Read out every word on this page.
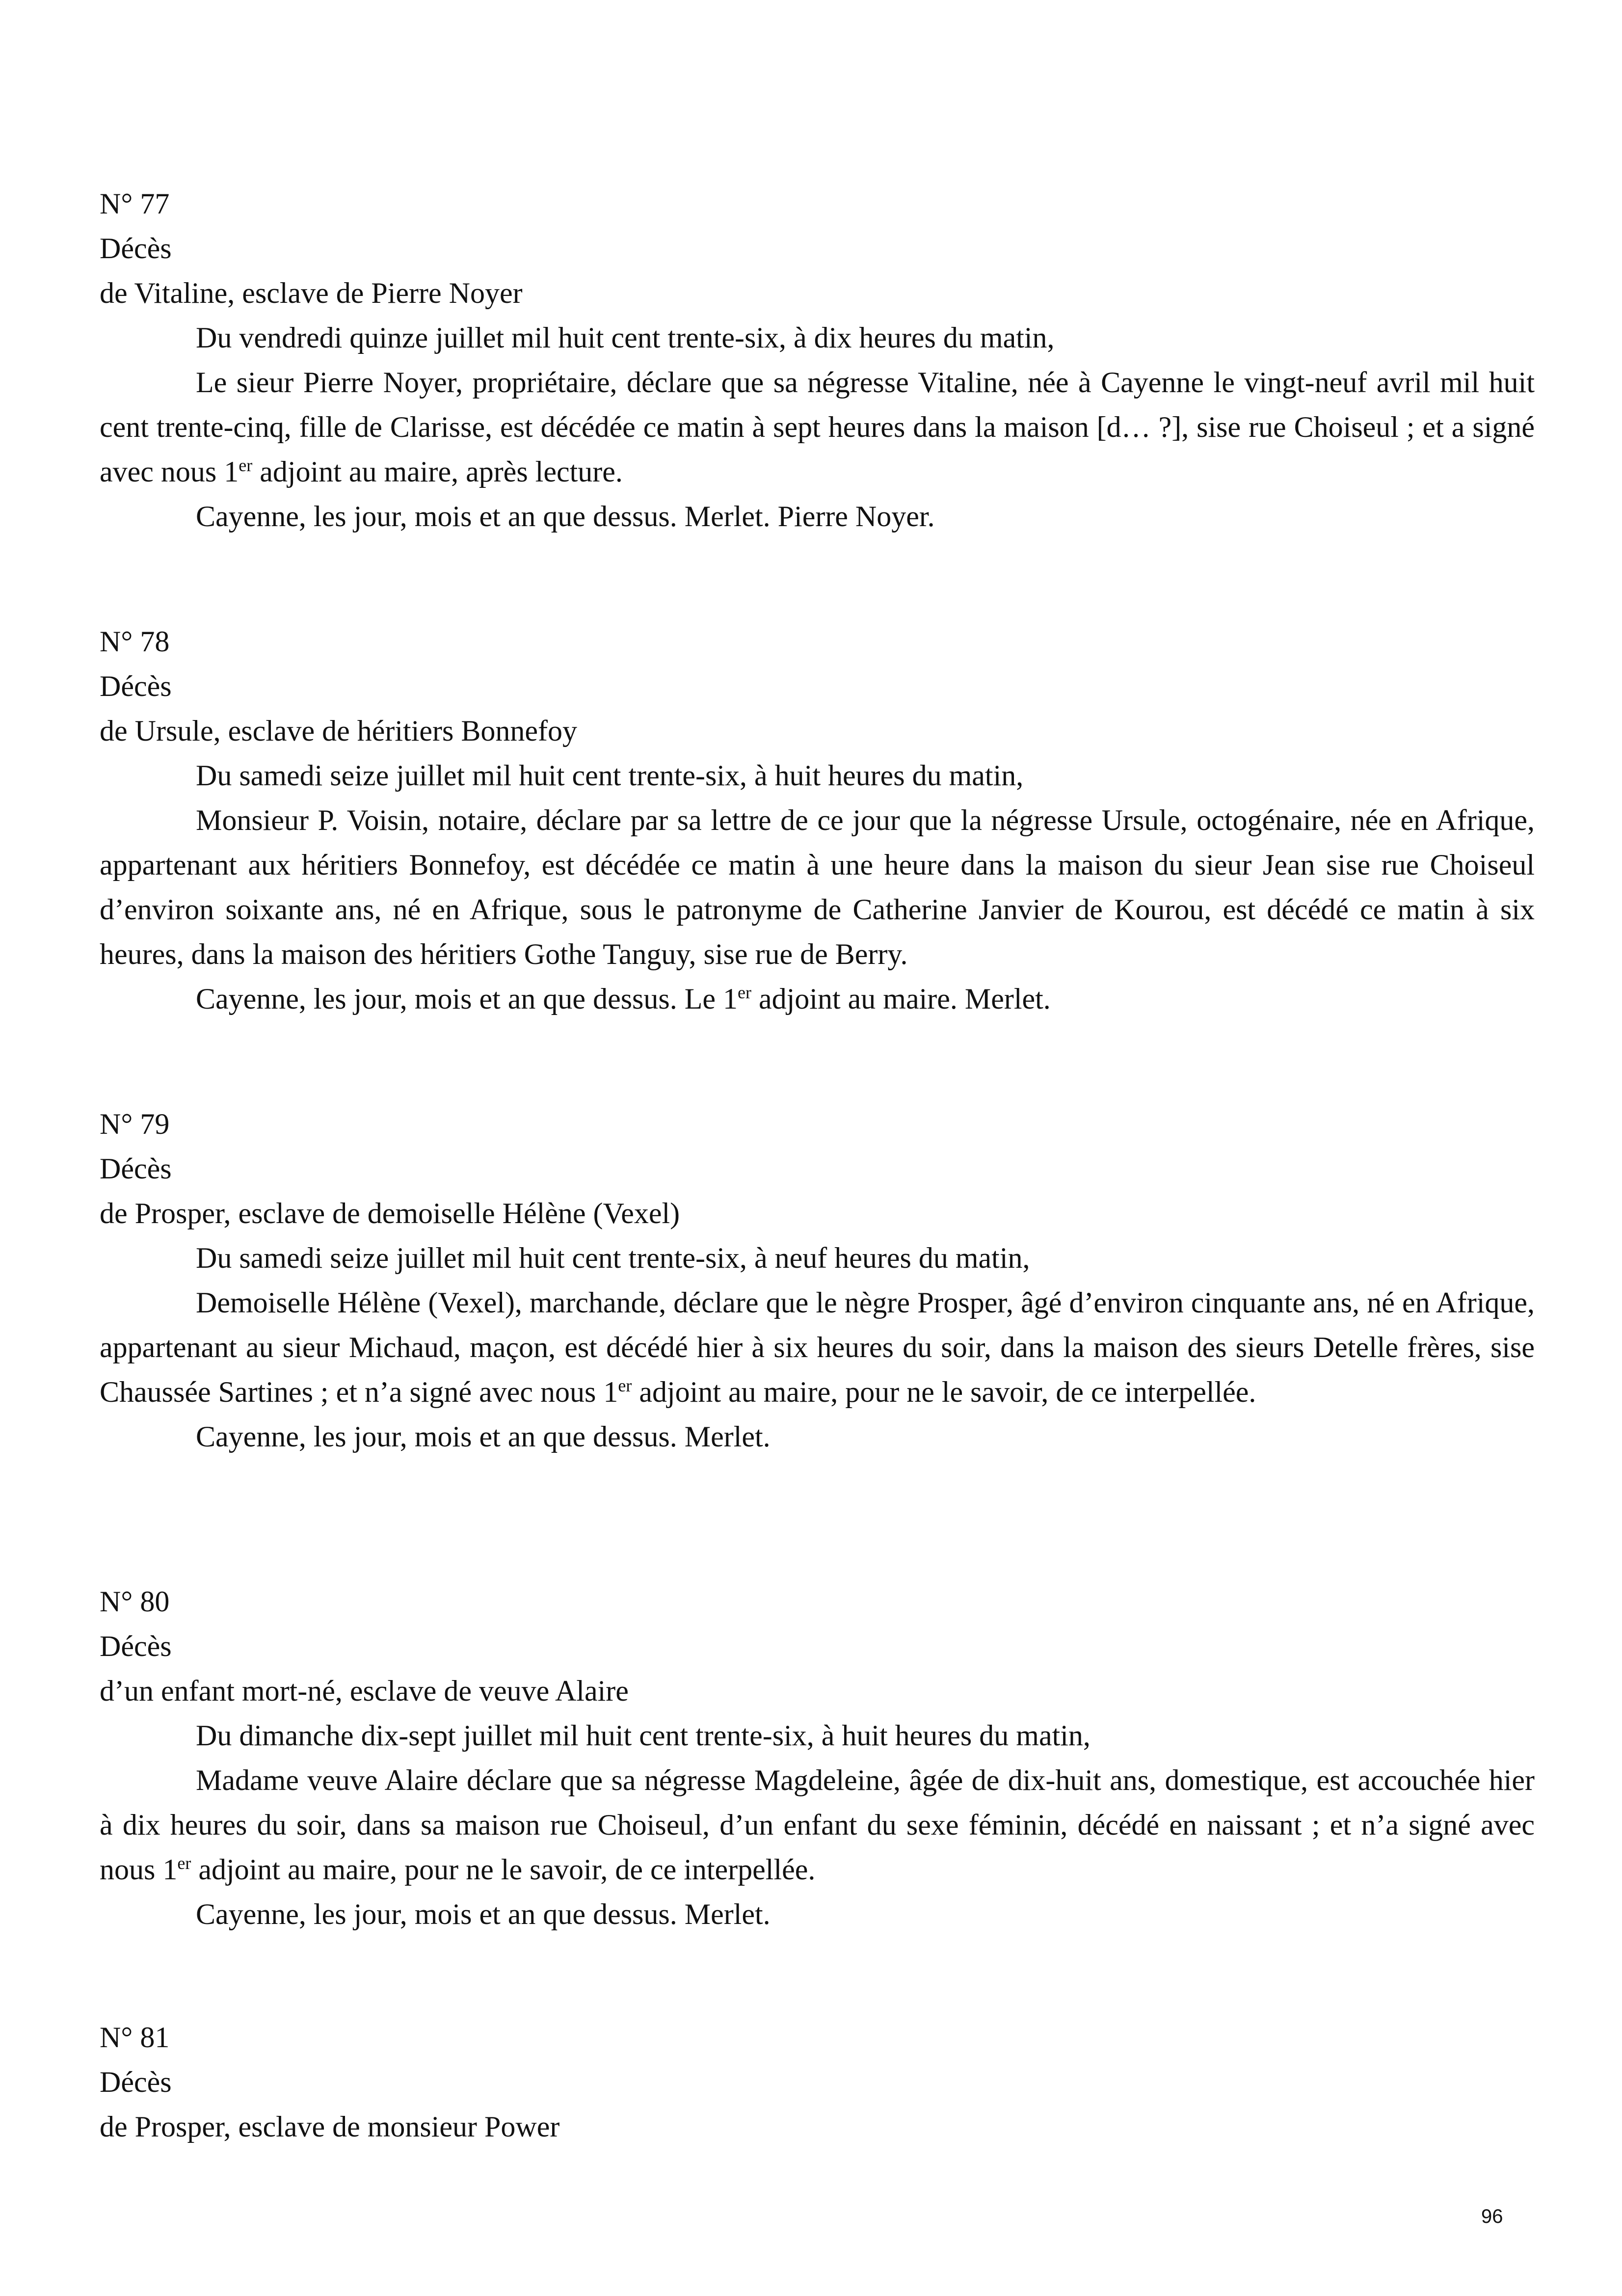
N° 77
Décès
de Vitaline, esclave de Pierre Noyer
Du vendredi quinze juillet mil huit cent trente-six, à dix heures du matin,
Le sieur Pierre Noyer, propriétaire, déclare que sa négresse Vitaline, née à Cayenne le vingt-neuf avril mil huit cent trente-cinq, fille de Clarisse, est décédée ce matin à sept heures dans la maison [d… ?], sise rue Choiseul ; et a signé avec nous 1er adjoint au maire, après lecture.
Cayenne, les jour, mois et an que dessus. Merlet. Pierre Noyer.
N° 78
Décès
de Ursule, esclave de héritiers Bonnefoy
Du samedi seize juillet mil huit cent trente-six, à huit heures du matin,
Monsieur P. Voisin, notaire, déclare par sa lettre de ce jour que la négresse Ursule, octogénaire, née en Afrique, appartenant aux héritiers Bonnefoy, est décédée ce matin à une heure dans la maison du sieur Jean sise rue Choiseul d’environ soixante ans, né en Afrique, sous le patronyme de Catherine Janvier de Kourou, est décédé ce matin à six heures, dans la maison des héritiers Gothe Tanguy, sise rue de Berry.
Cayenne, les jour, mois et an que dessus. Le 1er adjoint au maire. Merlet.
N° 79
Décès
de Prosper, esclave de demoiselle Hélène (Vexel)
Du samedi seize juillet mil huit cent trente-six, à neuf heures du matin,
Demoiselle Hélène (Vexel), marchande, déclare que le nègre Prosper, âgé d’environ cinquante ans, né en Afrique, appartenant au sieur Michaud, maçon, est décédé hier à six heures du soir, dans la maison des sieurs Detelle frères, sise Chaussée Sartines ; et n’a signé avec nous 1er adjoint au maire, pour ne le savoir, de ce interpellée.
Cayenne, les jour, mois et an que dessus. Merlet.
N° 80
Décès
d’un enfant mort-né, esclave de veuve Alaire
Du dimanche dix-sept juillet mil huit cent trente-six, à huit heures du matin,
Madame veuve Alaire déclare que sa négresse Magdeleine, âgée de dix-huit ans, domestique, est accouchée hier à dix heures du soir, dans sa maison rue Choiseul, d’un enfant du sexe féminin, décédé en naissant ; et n’a signé avec nous 1er adjoint au maire, pour ne le savoir, de ce interpellée.
Cayenne, les jour, mois et an que dessus. Merlet.
N° 81
Décès
de Prosper, esclave de monsieur Power
96
